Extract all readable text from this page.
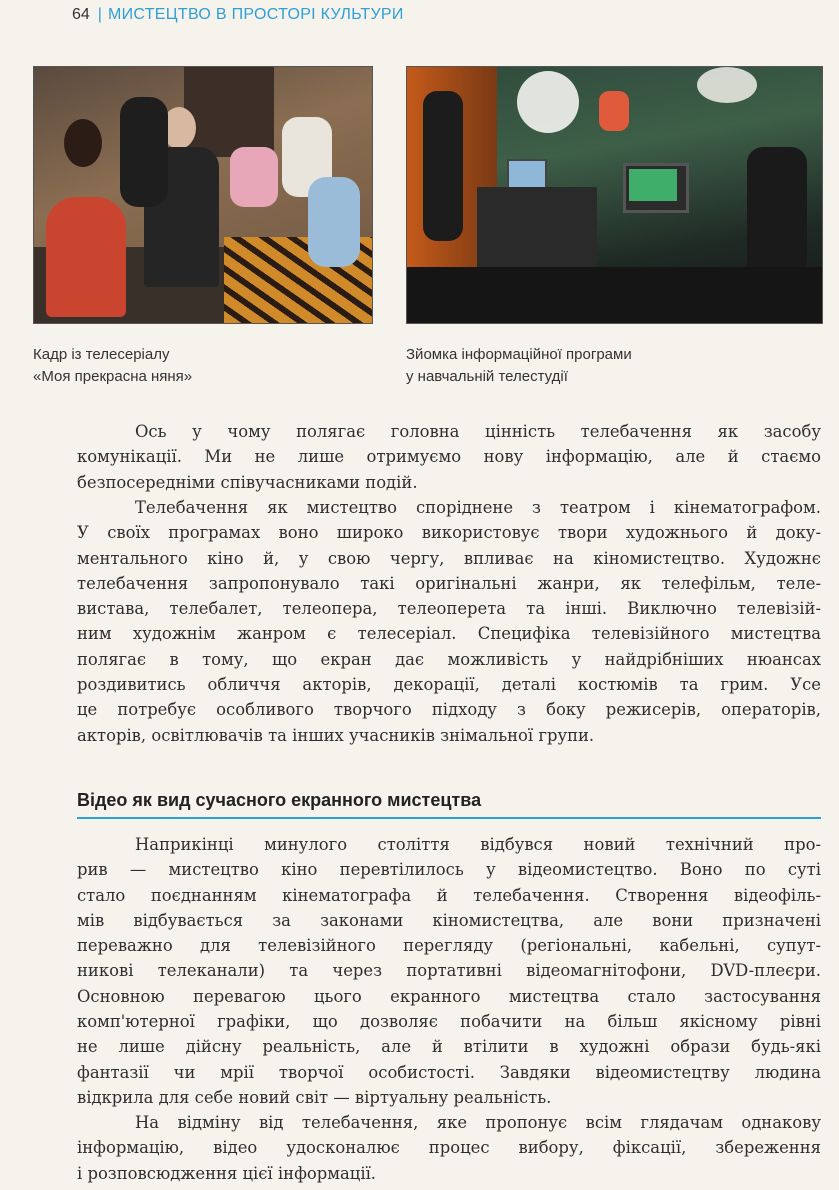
64 | МИСТЕЦТВО В ПРОСТОРІ КУЛЬТУРИ
Кадр із телесеріалу
«Моя прекрасна няня»
Зйомка інформаційної програми
у навчальній телестудії
Ось у чому полягає головна цінність телебачення як засобу
комунікації. Ми не лише отримуємо нову інформацію, але й стаємо
безпосередніми співучасниками подій.
Телебачення як мистецтво споріднене з театром і кінематографом.
У своїх програмах воно широко використовує твори художнього й доку-
ментального кіно й, у свою чергу, впливає на кіномистецтво. Художнє
телебачення запропонувало такі оригінальні жанри, як телефільм, теле-
вистава, телебалет, телеопера, телеоперета та інші. Виключно телевізій-
ним художнім жанром є телесеріал. Специфіка телевізійного мистецтва
полягає в тому, що екран дає можливість у найдрібніших нюансах
роздивитись обличчя акторів, декорації, деталі костюмів та грим. Усе
це потребує особливого творчого підходу з боку режисерів, операторів,
акторів, освітлювачів та інших учасників знімальної групи.
Відео як вид сучасного екранного мистецтва
Наприкінці минулого століття відбувся новий технічний про-
рив — мистецтво кіно перевтілилось у відеомистецтво. Воно по суті
стало поєднанням кінематографа й телебачення. Створення відеофіль-
мів відбувається за законами кіномистецтва, але вони призначені
переважно для телевізійного перегляду (регіональні, кабельні, супут-
никові телеканали) та через портативні відеомагнітофони, DVD-плеєри.
Основною перевагою цього екранного мистецтва стало застосування
комп'ютерної графіки, що дозволяє побачити на більш якісному рівні
не лише дійсну реальність, але й втілити в художні образи будь-які
фантазії чи мрії творчої особистості. Завдяки відеомистецтву людина
відкрила для себе новий світ — віртуальну реальність.
На відміну від телебачення, яке пропонує всім глядачам однакову
інформацію, відео удосконалює процес вибору, фіксації, збереження
і розповсюдження цієї інформації.
